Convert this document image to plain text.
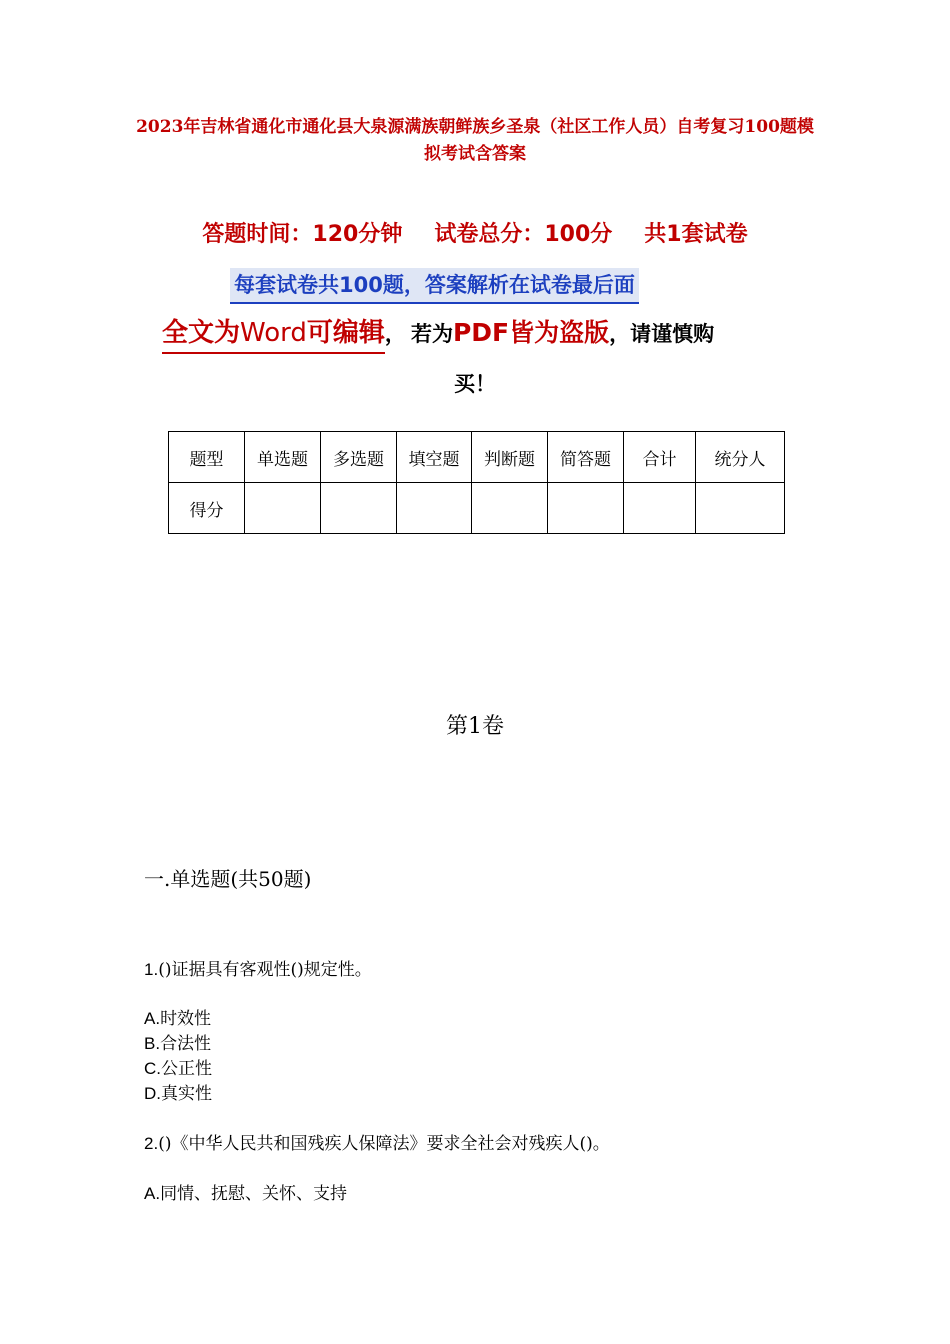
2023年吉林省通化市通化县大泉源满族朝鲜族乡圣泉（社区工作人员）自考复习100题模拟考试含答案
答题时间：120分钟 试卷总分：100分 共1套试卷
每套试卷共100题，答案解析在试卷最后面
全文为Word可编辑， 若为PDF皆为盗版，请谨慎购
买！
题型	单选题	多选题	填空题	判断题	简答题	合计	统分人
得分							
第1卷
一.单选题(共50题)
1.()证据具有客观性()规定性。
A.时效性
B.合法性
C.公正性
D.真实性
2.()《中华人民共和国残疾人保障法》要求全社会对残疾人()。
A.同情、抚慰、关怀、支持
